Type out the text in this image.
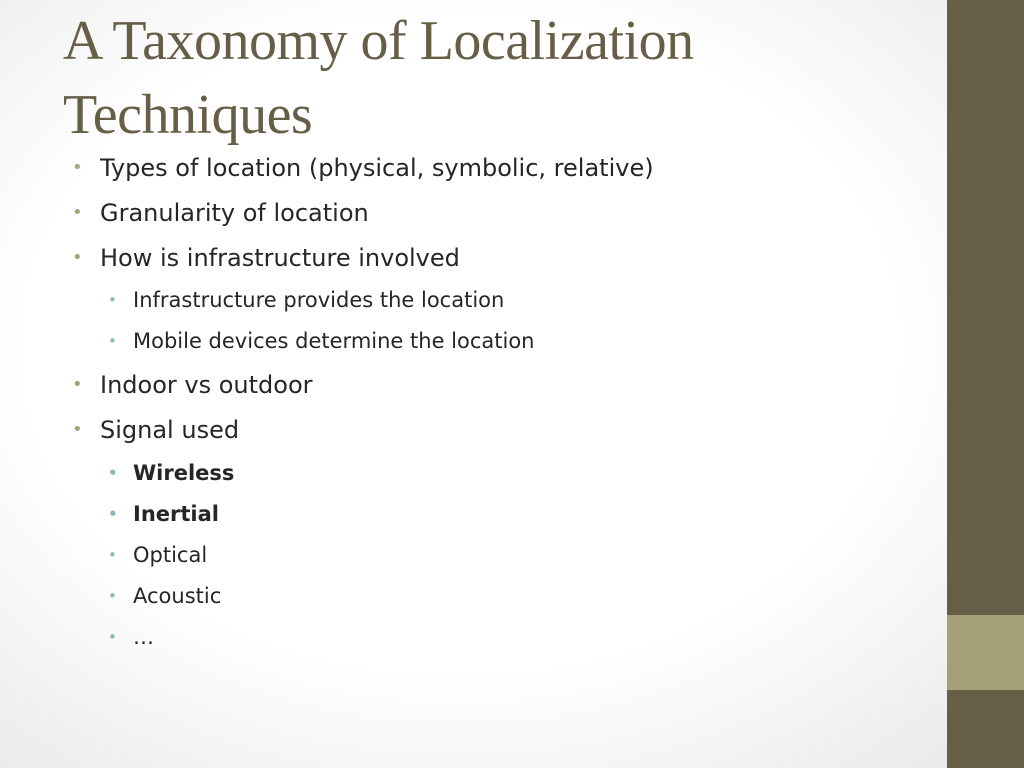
A Taxonomy of Localization
Techniques
• Types of location (physical, symbolic, relative)
• Granularity of location
• How is infrastructure involved
• Infrastructure provides the location
• Mobile devices determine the location
• Indoor vs outdoor
• Signal used
• Wireless
• Inertial
• Optical
• Acoustic
• …
